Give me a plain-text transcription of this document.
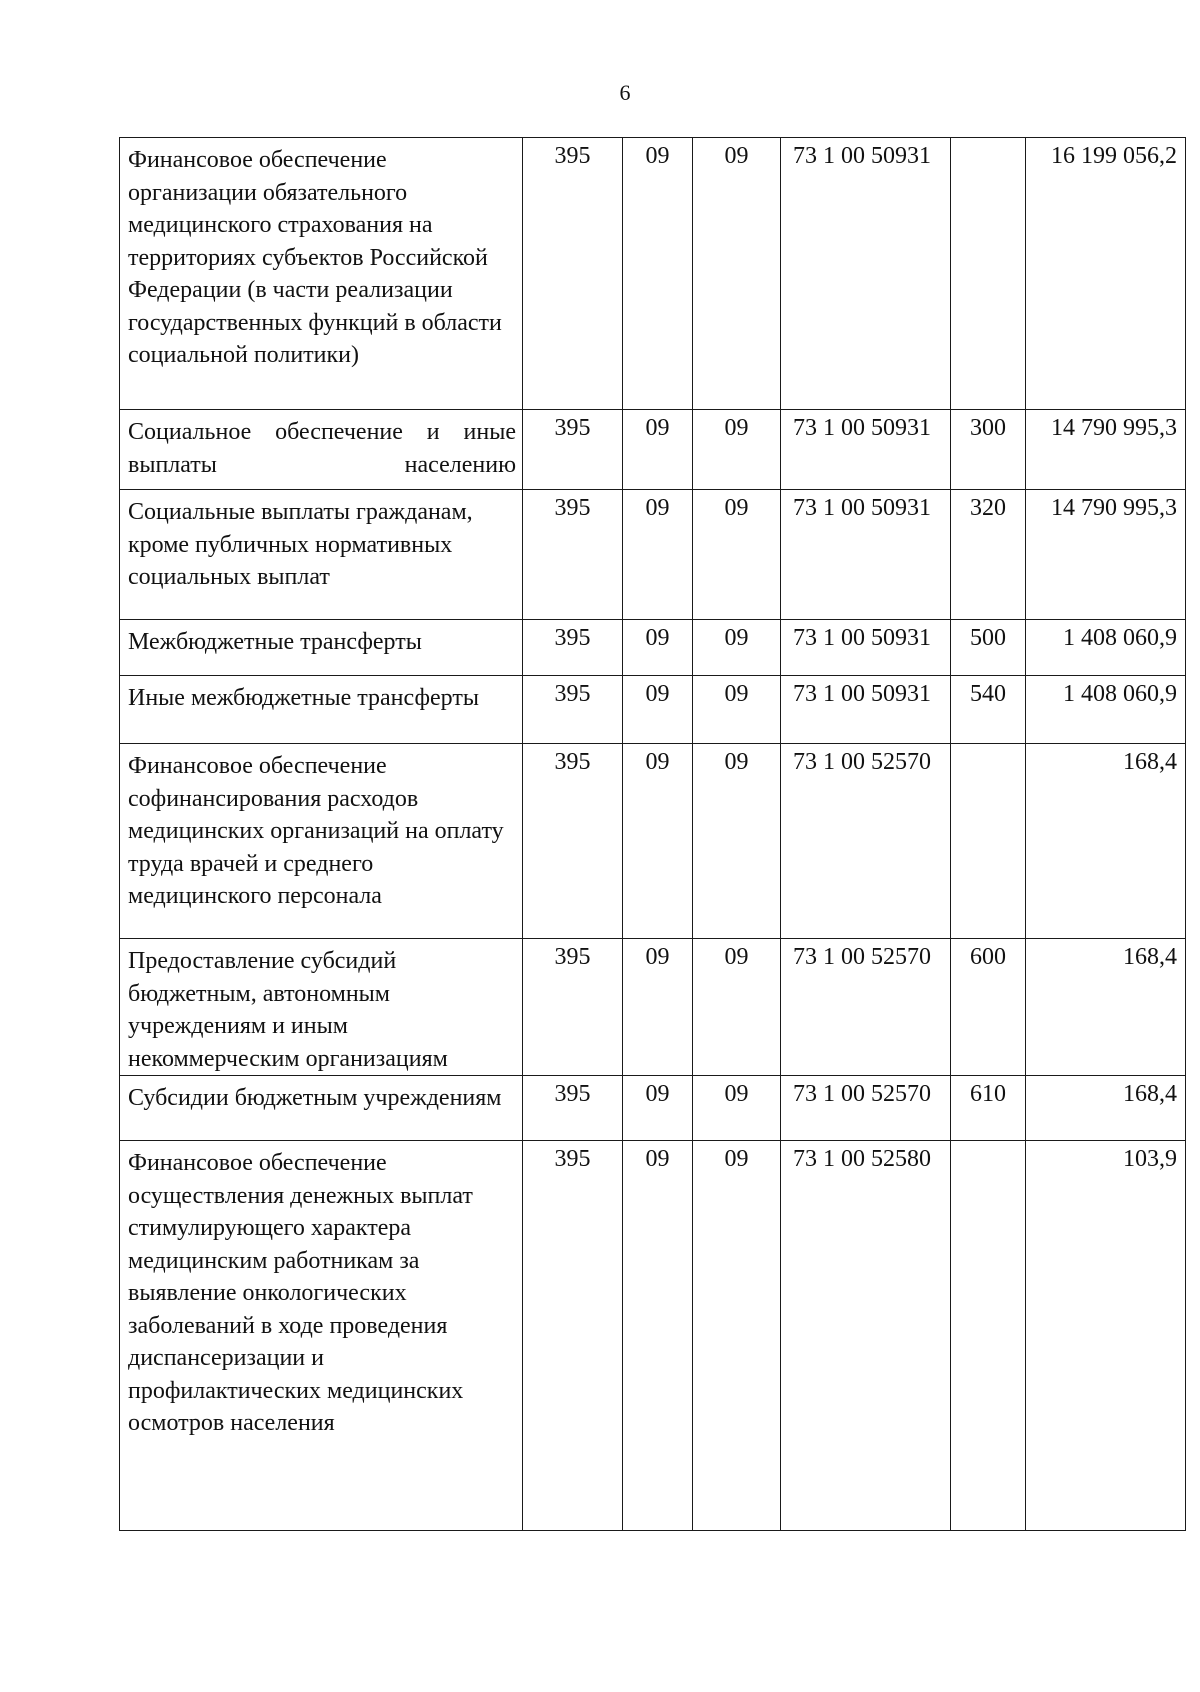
6
Финансовое обеспечение организации обязательного медицинского страхования на территориях субъектов Российской Федерации (в части реализации государственных функций в области социальной политики)	395	09	09	73 1 00 50931		16 199 056,2

Социальное обеспечение и иные выплаты населению	395	09	09	73 1 00 50931	300	14 790 995,3

Социальные выплаты гражданам, кроме публичных нормативных социальных выплат	395	09	09	73 1 00 50931	320	14 790 995,3

Межбюджетные трансферты	395	09	09	73 1 00 50931	500	1 408 060,9

Иные межбюджетные трансферты	395	09	09	73 1 00 50931	540	1 408 060,9

Финансовое обеспечение софинансирования расходов медицинских организаций на оплату труда врачей и среднего медицинского персонала	395	09	09	73 1 00 52570		168,4

Предоставление субсидий бюджетным, автономным учреждениям и иным некоммерческим организациям	395	09	09	73 1 00 52570	600	168,4

Субсидии бюджетным учреждениям	395	09	09	73 1 00 52570	610	168,4

Финансовое обеспечение осуществления денежных выплат стимулирующего характера медицинским работникам за выявление онкологических заболеваний в ходе проведения диспансеризации и профилактических медицинских осмотров населения	395	09	09	73 1 00 52580		103,9
